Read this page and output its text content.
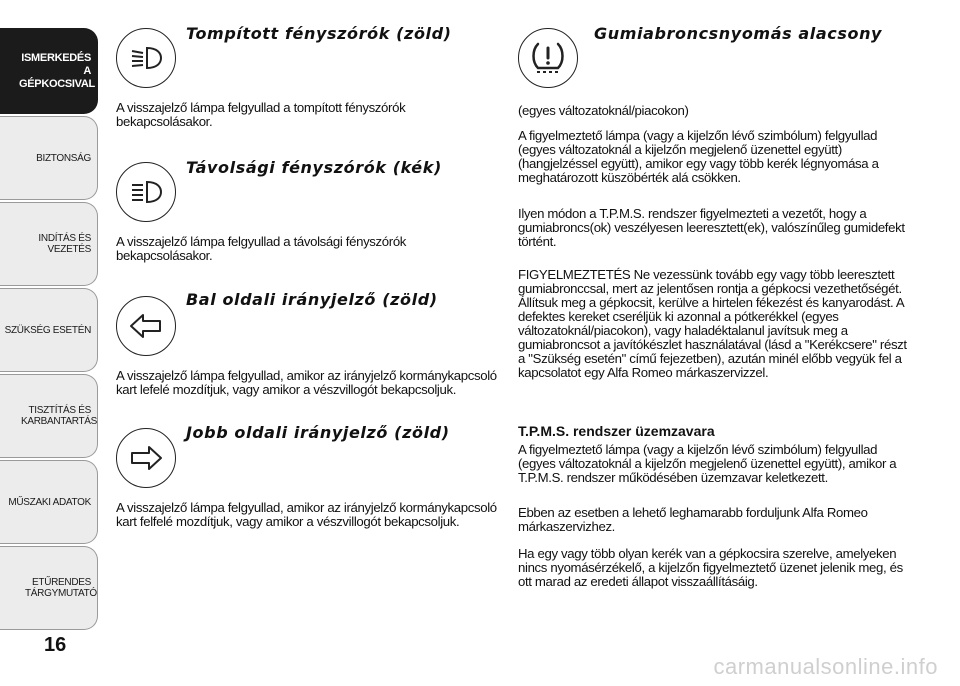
ISMERKEDÉS A GÉPKOCSIVAL
BIZTONSÁG
INDÍTÁS ÉS VEZETÉS
SZÜKSÉG ESETÉN
TISZTÍTÁS ÉS KARBANTARTÁS
MŰSZAKI ADATOK
ETŰRENDES TÁRGYMUTATÓ
16
Tompított fényszórók (zöld)
A visszajelző lámpa felgyullad a tompított fényszórók bekapcsolásakor.
Távolsági fényszórók (kék)
A visszajelző lámpa felgyullad a távolsági fényszórók bekapcsolásakor.
Bal oldali irányjelző (zöld)
A visszajelző lámpa felgyullad, amikor az irányjelző kormánykapcsoló kart lefelé mozdítjuk, vagy amikor a vészvillogót bekapcsoljuk.
Jobb oldali irányjelző (zöld)
A visszajelző lámpa felgyullad, amikor az irányjelző kormánykapcsoló kart felfelé mozdítjuk, vagy amikor a vészvillogót bekapcsoljuk.
Gumiabroncsnyomás alacsony
(egyes változatoknál/piacokon)
A figyelmeztető lámpa (vagy a kijelzőn lévő szimbólum) felgyullad (egyes változatoknál a kijelzőn megjelenő üzenettel együtt) (hangjelzéssel együtt), amikor egy vagy több kerék légnyomása a meghatározott küszöbérték alá csökken.
Ilyen módon a T.P.M.S. rendszer figyelmezteti a vezetőt, hogy a gumiabroncs(ok) veszélyesen leeresztett(ek), valószínűleg gumidefekt történt.
FIGYELMEZTETÉS Ne vezessünk tovább egy vagy több leeresztett gumiabronccsal, mert az jelentősen rontja a gépkocsi vezethetőségét. Állítsuk meg a gépkocsit, kerülve a hirtelen fékezést és kanyarodást. A defektes kereket cseréljük ki azonnal a pótkerékkel (egyes változatoknál/piacokon), vagy haladéktalanul javítsuk meg a gumiabroncsot a javítókészlet használatával (lásd a "Kerékcsere" részt a "Szükség esetén" című fejezetben), azután minél előbb vegyük fel a kapcsolatot egy Alfa Romeo márkaszervizzel.
T.P.M.S. rendszer üzemzavara
A figyelmeztető lámpa (vagy a kijelzőn lévő szimbólum) felgyullad (egyes változatoknál a kijelzőn megjelenő üzenettel együtt), amikor a T.P.M.S. rendszer működésében üzemzavar keletkezett.
Ebben az esetben a lehető leghamarabb forduljunk Alfa Romeo márkaszervizhez.
Ha egy vagy több olyan kerék van a gépkocsira szerelve, amelyeken nincs nyomásérzékelő, a kijelzőn figyelmeztető üzenet jelenik meg, és ott marad az eredeti állapot visszaállításáig.
carmanualsonline.info
